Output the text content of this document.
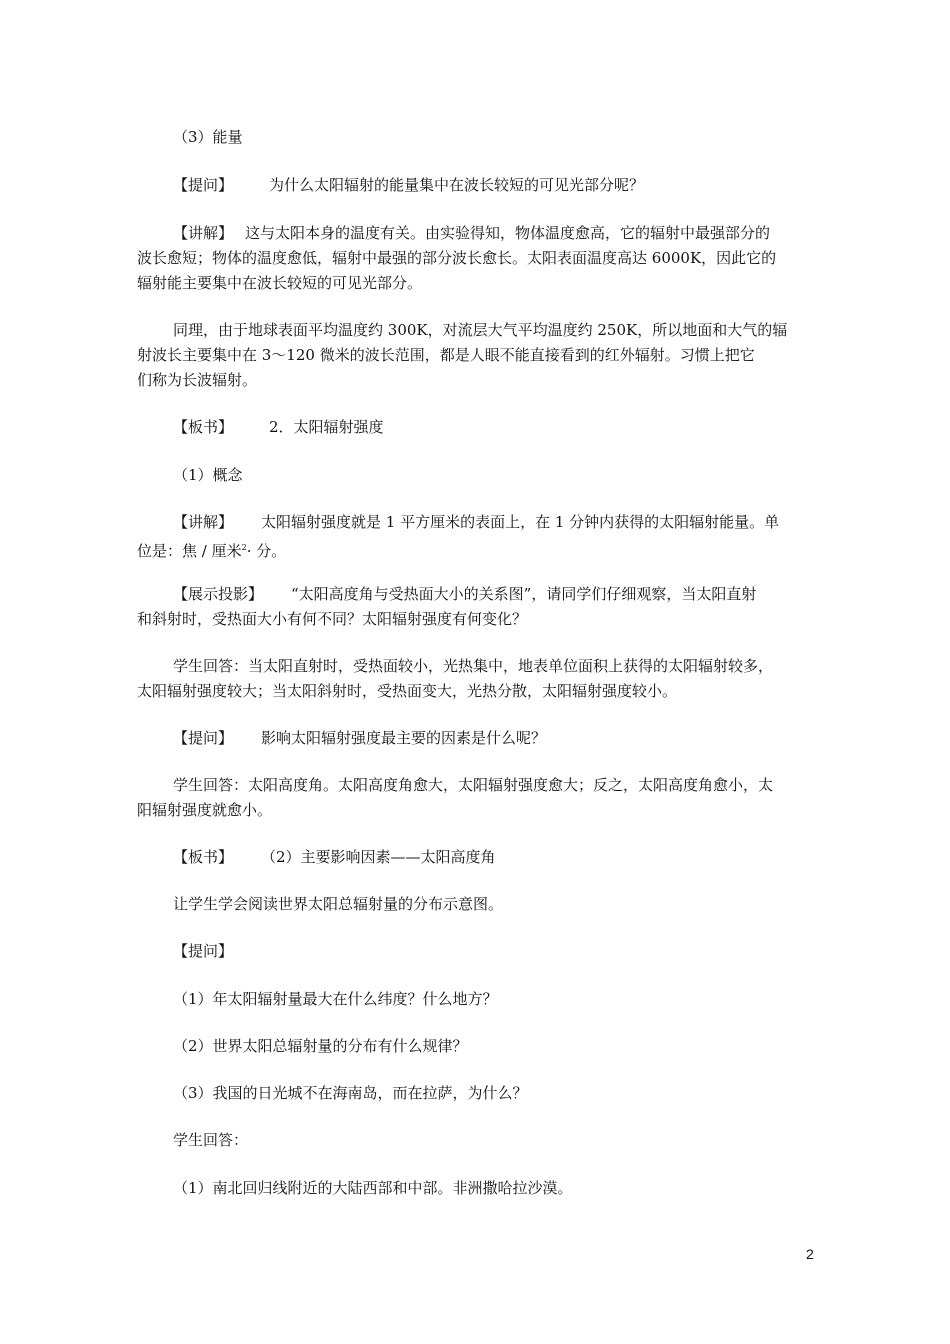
（3）能量
【提问】 为什么太阳辐射的能量集中在波长较短的可见光部分呢？
【讲解】 这与太阳本身的温度有关。由实验得知，物体温度愈高，它的辐射中最强部分的
波长愈短；物体的温度愈低，辐射中最强的部分波长愈长。太阳表面温度高达 6000K，因此它的
辐射能主要集中在波长较短的可见光部分。
同理，由于地球表面平均温度约 300K，对流层大气平均温度约 250K，所以地面和大气的辐
射波长主要集中在 3～120 微米的波长范围，都是人眼不能直接看到的红外辐射。习惯上把它
们称为长波辐射。
【板书】 2．太阳辐射强度
（1）概念
【讲解】 太阳辐射强度就是 1 平方厘米的表面上，在 1 分钟内获得的太阳辐射能量。单
位是：焦 / 厘米$^2$· 分。
【展示投影】 “太阳高度角与受热面大小的关系图”，请同学们仔细观察，当太阳直射
和斜射时，受热面大小有何不同？太阳辐射强度有何变化？
学生回答：当太阳直射时，受热面较小，光热集中，地表单位面积上获得的太阳辐射较多，
太阳辐射强度较大；当太阳斜射时，受热面变大，光热分散，太阳辐射强度较小。
【提问】 影响太阳辐射强度最主要的因素是什么呢？
学生回答：太阳高度角。太阳高度角愈大，太阳辐射强度愈大；反之，太阳高度角愈小，太
阳辐射强度就愈小。
【板书】 （2）主要影响因素——太阳高度角
让学生学会阅读世界太阳总辐射量的分布示意图。
【提问】
（1）年太阳辐射量最大在什么纬度？什么地方？
（2）世界太阳总辐射量的分布有什么规律？
（3）我国的日光城不在海南岛，而在拉萨，为什么？
学生回答：
（1）南北回归线附近的大陆西部和中部。非洲撒哈拉沙漠。
2
